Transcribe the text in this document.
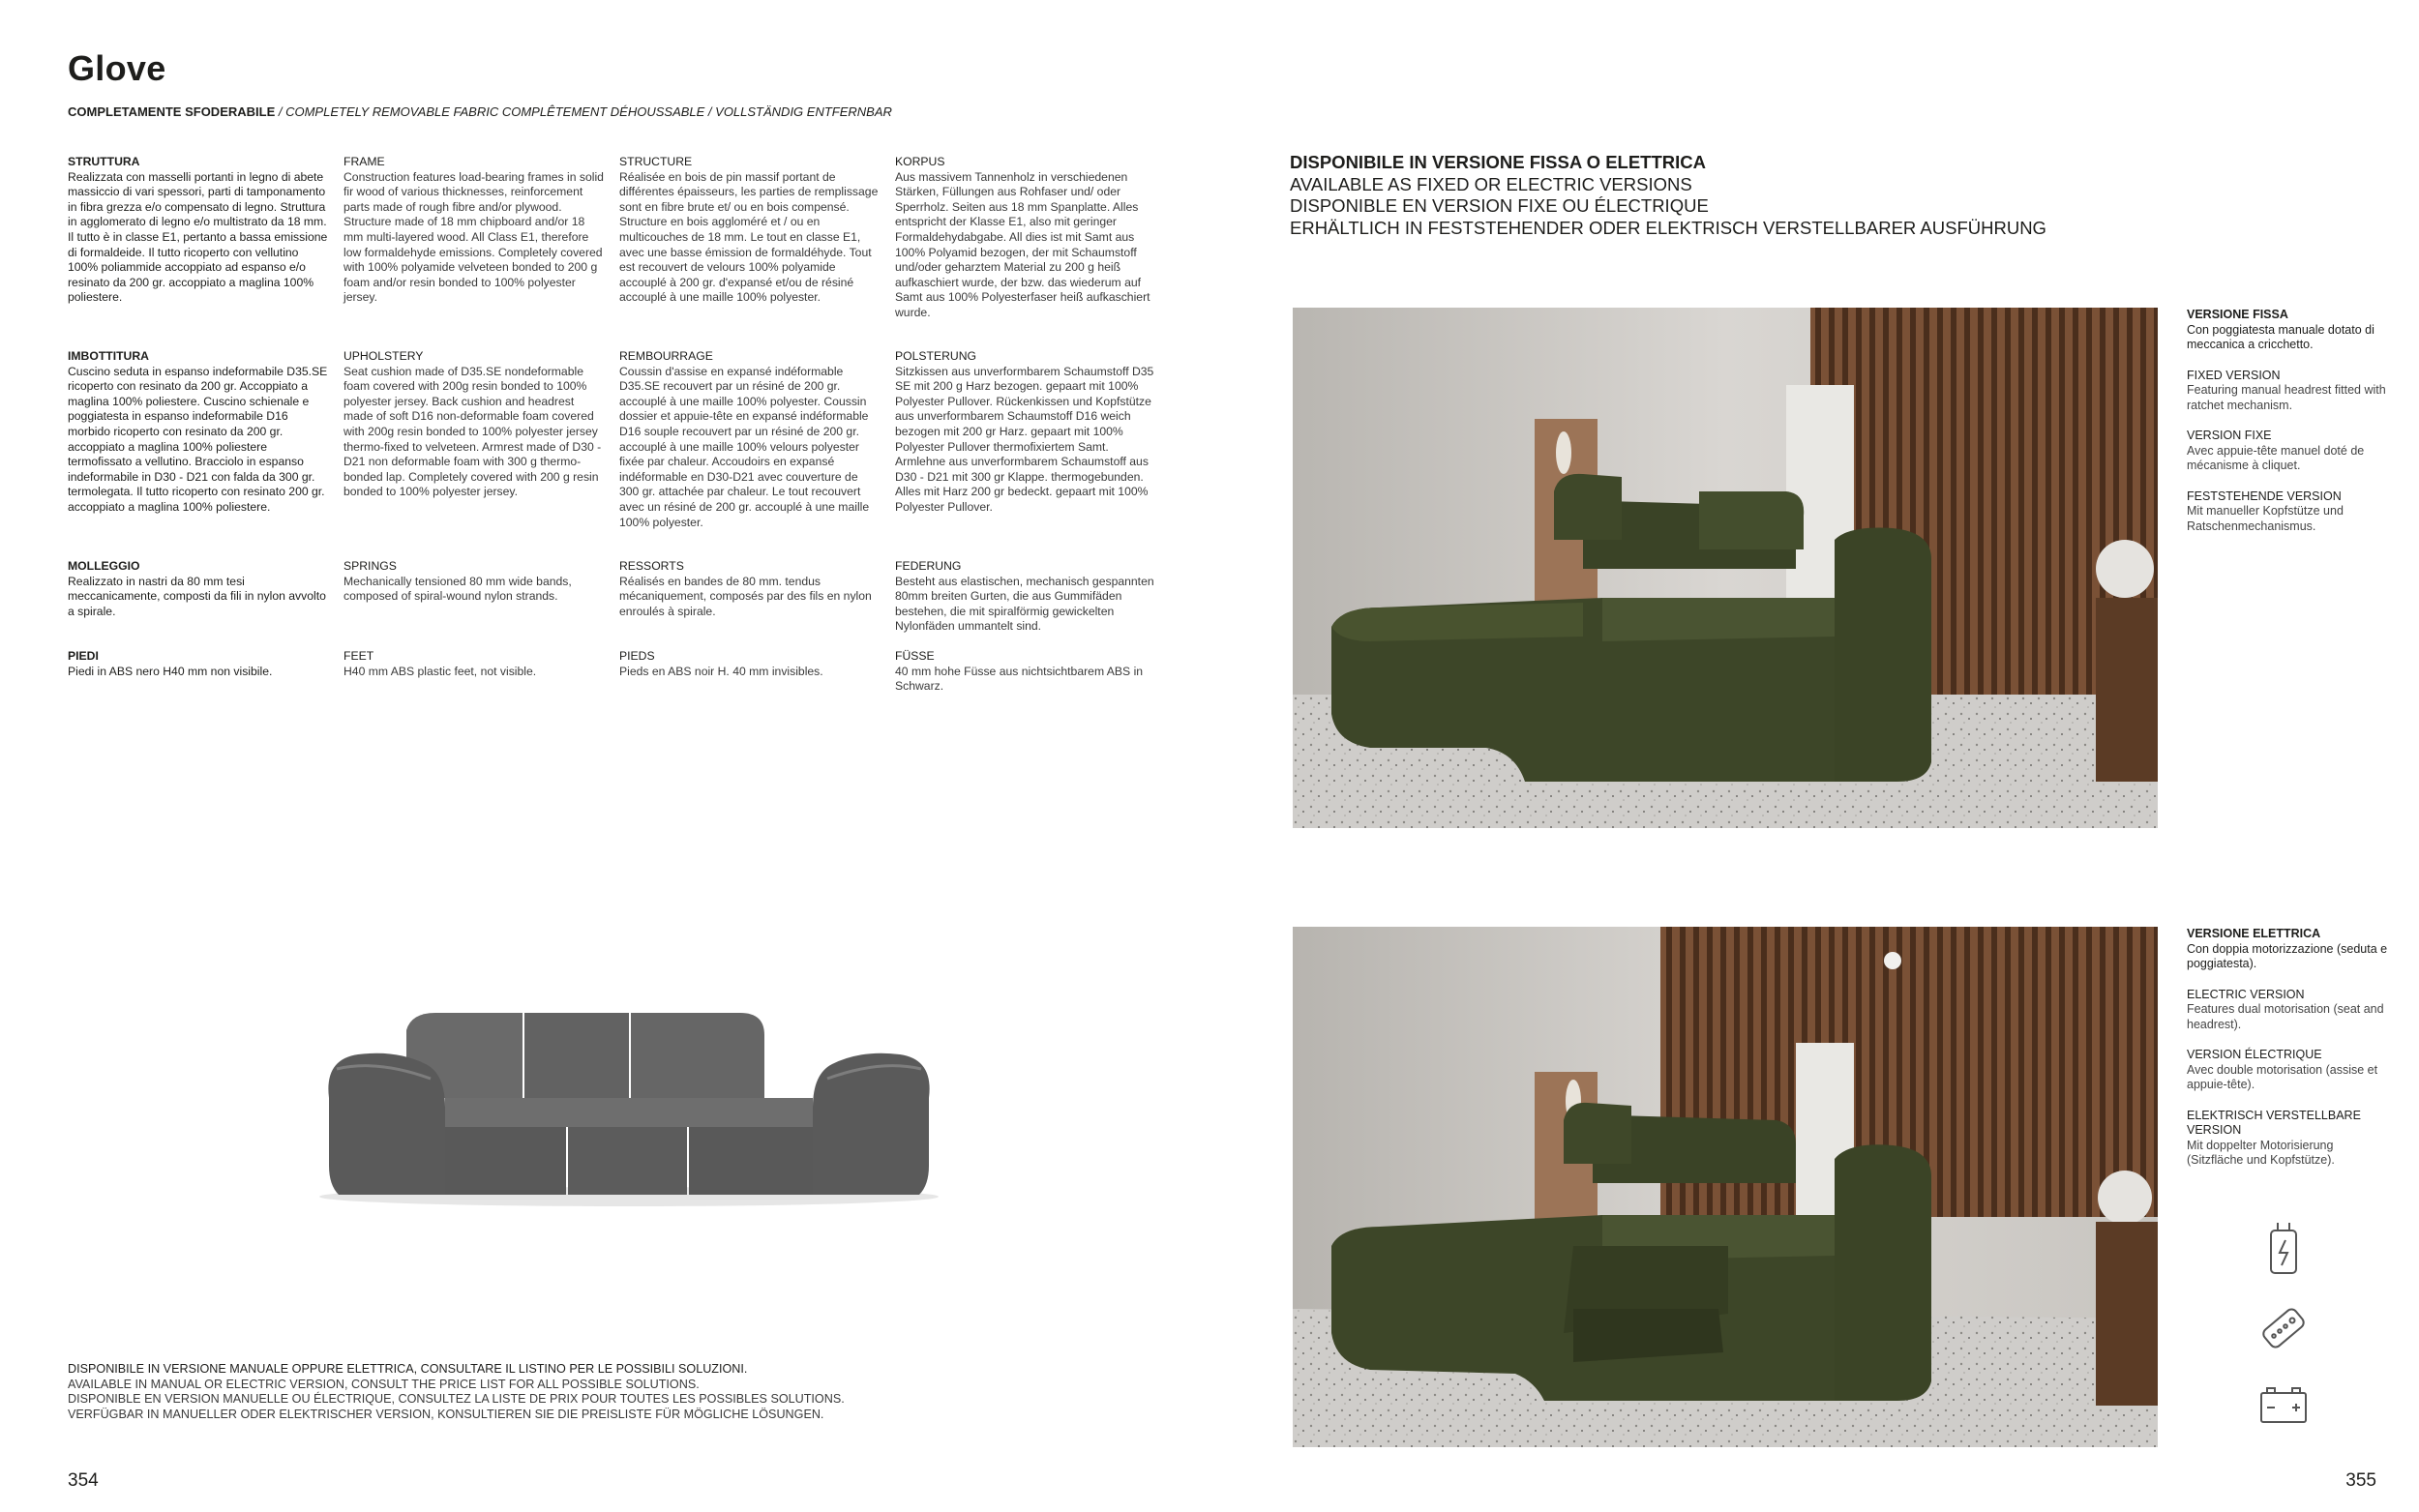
Glove
COMPLETAMENTE SFODERABILE / COMPLETELY REMOVABLE FABRIC COMPLÊTEMENT DÉHOUSSABLE / VOLLSTÄNDIG ENTFERNBAR
STRUTTURA
Realizzata con masselli portanti in legno di abete massiccio di vari spessori, parti di tamponamento in fibra grezza e/o compensato di legno. Struttura in agglomerato di legno e/o multistrato da 18 mm. Il tutto è in classe E1, pertanto a bassa emissione di formaldeide. Il tutto ricoperto con vellutino 100% poliammide accoppiato ad espanso e/o resinato da 200 gr. accoppiato a maglina 100% poliestere.
IMBOTTITURA
Cuscino seduta in espanso indeformabile D35.SE ricoperto con resinato da 200 gr. Accoppiato a maglina 100% poliestere. Cuscino schienale e poggiatesta in espanso indeformabile D16 morbido ricoperto con resinato da 200 gr. accoppiato a maglina 100% poliestere termofissato a vellutino. Bracciolo in espanso indeformabile in D30 - D21 con falda da 300 gr. termolegata. Il tutto ricoperto con resinato 200 gr. accoppiato a maglina 100% poliestere.
MOLLEGGIO
Realizzato in nastri da 80 mm tesi meccanicamente, composti da fili in nylon avvolto a spirale.
PIEDI
Piedi in ABS nero H40 mm non visibile.
FRAME
Construction features load-bearing frames in solid fir wood of various thicknesses, reinforcement parts made of rough fibre and/or plywood. Structure made of 18 mm chipboard and/or 18 mm multi-layered wood. All Class E1, therefore low formaldehyde emissions. Completely covered with 100% polyamide velveteen bonded to 200 g foam and/or resin bonded to 100% polyester jersey.
UPHOLSTERY
Seat cushion made of D35.SE nondeformable foam covered with 200g resin bonded to 100% polyester jersey. Back cushion and headrest made of soft D16 non-deformable foam covered with 200g resin bonded to 100% polyester jersey thermo-fixed to velveteen. Armrest made of D30 - D21 non deformable foam with 300 g thermo-bonded lap. Completely covered with 200 g resin bonded to 100% polyester jersey.
SPRINGS
Mechanically tensioned 80 mm wide bands, composed of spiral-wound nylon strands.
FEET
H40 mm ABS plastic feet, not visible.
STRUCTURE
Réalisée en bois de pin massif portant de différentes épaisseurs, les parties de remplissage sont en fibre brute et/ ou en bois compensé. Structure en bois aggloméré et / ou en multicouches de 18 mm. Le tout en classe E1, avec une basse émission de formaldéhyde. Tout est recouvert de velours 100% polyamide accouplé à 200 gr. d'expansé et/ou de résiné accouplé à une maille 100% polyester.
REMBOURRAGE
Coussin d'assise en expansé indéformable D35.SE recouvert par un résiné de 200 gr. accouplé à une maille 100% polyester. Coussin dossier et appuie-tête en expansé indéformable D16 souple recouvert par un résiné de 200 gr. accouplé à une maille 100% velours polyester fixée par chaleur. Accoudoirs en expansé indéformable en D30-D21 avec couverture de 300 gr. attachée par chaleur. Le tout recouvert avec un résiné de 200 gr. accouplé à une maille 100% polyester.
RESSORTS
Réalisés en bandes de 80 mm. tendus mécaniquement, composés par des fils en nylon enroulés à spirale.
PIEDS
Pieds en ABS noir H. 40 mm invisibles.
KORPUS
Aus massivem Tannenholz in verschiedenen Stärken, Füllungen aus Rohfaser und/ oder Sperrholz. Seiten aus 18 mm Spanplatte. Alles entspricht der Klasse E1, also mit geringer Formaldehydabgabe. All dies ist mit Samt aus 100% Polyamid bezogen, der mit Schaumstoff und/oder geharztem Material zu 200 g heiß aufkaschiert wurde, der bzw. das wiederum auf Samt aus 100% Polyesterfaser heiß aufkaschiert wurde.
POLSTERUNG
Sitzkissen aus unverformbarem Schaumstoff D35 SE mit 200 g Harz bezogen. gepaart mit 100% Polyester Pullover. Rückenkissen und Kopfstütze aus unverformbarem Schaumstoff D16 weich bezogen mit 200 gr Harz. gepaart mit 100% Polyester Pullover thermofixiertem Samt. Armlehne aus unverformbarem Schaumstoff aus D30 - D21 mit 300 gr Klappe. thermogebunden. Alles mit Harz 200 gr bedeckt. gepaart mit 100% Polyester Pullover.
FEDERUNG
Besteht aus elastischen, mechanisch gespannten 80mm breiten Gurten, die aus Gummifäden bestehen, die mit spiralförmig gewickelten Nylonfäden ummantelt sind.
FÜSSE
40 mm hohe Füsse aus nichtsichtbarem ABS in Schwarz.
DISPONIBILE IN VERSIONE FISSA O ELETTRICA
AVAILABLE AS FIXED OR ELECTRIC VERSIONS
DISPONIBLE EN VERSION FIXE OU ÉLECTRIQUE
ERHÄLTLICH IN FESTSTEHENDER ODER ELEKTRISCH VERSTELLBARER AUSFÜHRUNG
VERSIONE FISSA
Con poggiatesta manuale dotato di meccanica a cricchetto.
FIXED VERSION
Featuring manual headrest fitted with ratchet mechanism.
VERSION FIXE
Avec appuie-tête manuel doté de mécanisme à cliquet.
FESTSTEHENDE VERSION
Mit manueller Kopfstütze und Ratschenmechanismus.
VERSIONE ELETTRICA
Con doppia motorizzazione (seduta e poggiatesta).
ELECTRIC VERSION
Features dual motorisation (seat and headrest).
VERSION ÉLECTRIQUE
Avec double motorisation (assise et appuie-tête).
ELEKTRISCH VERSTELLBARE VERSION
Mit doppelter Motorisierung (Sitzfläche und Kopfstütze).
DISPONIBILE IN VERSIONE MANUALE OPPURE ELETTRICA, CONSULTARE IL LISTINO PER LE POSSIBILI SOLUZIONI.
AVAILABLE IN MANUAL OR ELECTRIC VERSION, CONSULT THE PRICE LIST FOR ALL POSSIBLE SOLUTIONS.
DISPONIBLE EN VERSION MANUELLE OU ÉLECTRIQUE, CONSULTEZ LA LISTE DE PRIX POUR TOUTES LES POSSIBLES SOLUTIONS.
VERFÜGBAR IN MANUELLER ODER ELEKTRISCHER VERSION, KONSULTIEREN SIE DIE PREISLISTE FÜR MÖGLICHE LÖSUNGEN.
354	355
